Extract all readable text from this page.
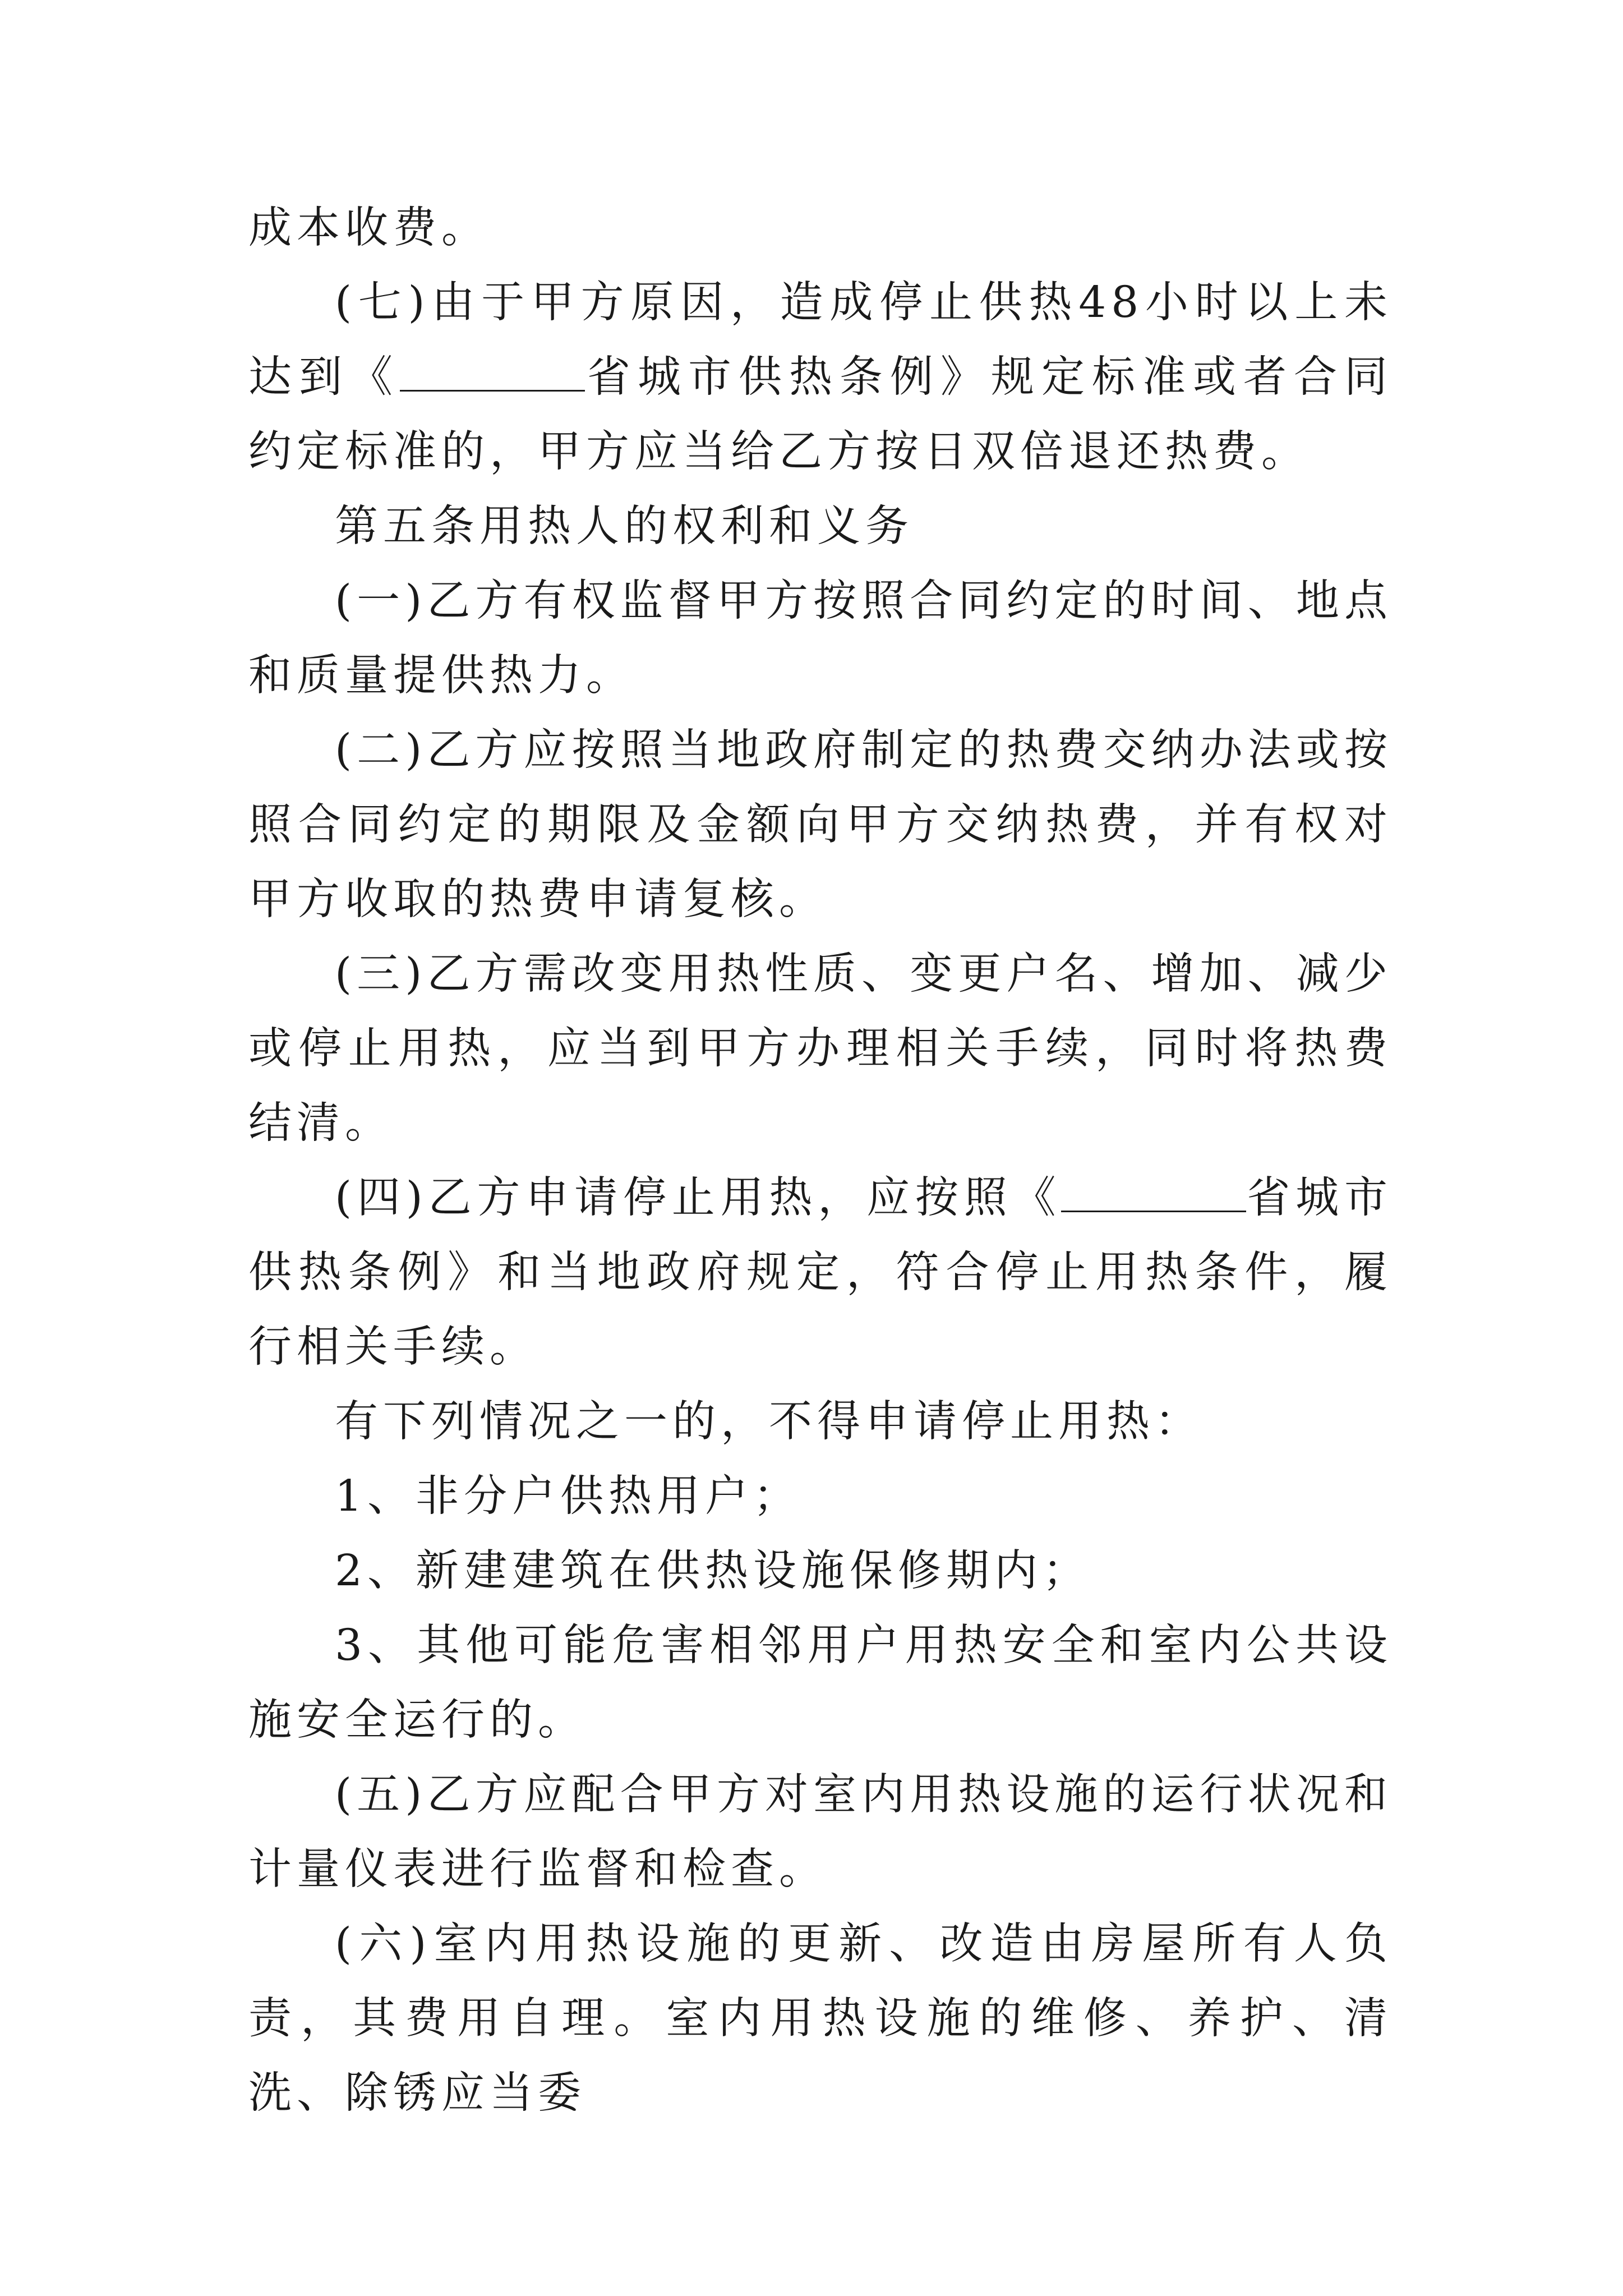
成本收费。

(七)由于甲方原因，造成停止供热48小时以上未达到《	省城市供热条例》规定标准或者合同约定标准的，甲方应当给乙方按日双倍退还热费。

第五条用热人的权利和义务

(一)乙方有权监督甲方按照合同约定的时间、地点和质量提供热力。

(二)乙方应按照当地政府制定的热费交纳办法或按照合同约定的期限及金额向甲方交纳热费，并有权对甲方收取的热费申请复核。

(三)乙方需改变用热性质、变更户名、增加、减少或停止用热，应当到甲方办理相关手续，同时将热费结清。

(四)乙方申请停止用热，应按照《	省城市供热条例》和当地政府规定，符合停止用热条件，履行相关手续。

有下列情况之一的，不得申请停止用热：

1、非分户供热用户；

2、新建建筑在供热设施保修期内；

3、其他可能危害相邻用户用热安全和室内公共设施安全运行的。

(五)乙方应配合甲方对室内用热设施的运行状况和计量仪表进行监督和检查。

(六)室内用热设施的更新、改造由房屋所有人负责，其费用自理。室内用热设施的维修、养护、清洗、除锈应当委
